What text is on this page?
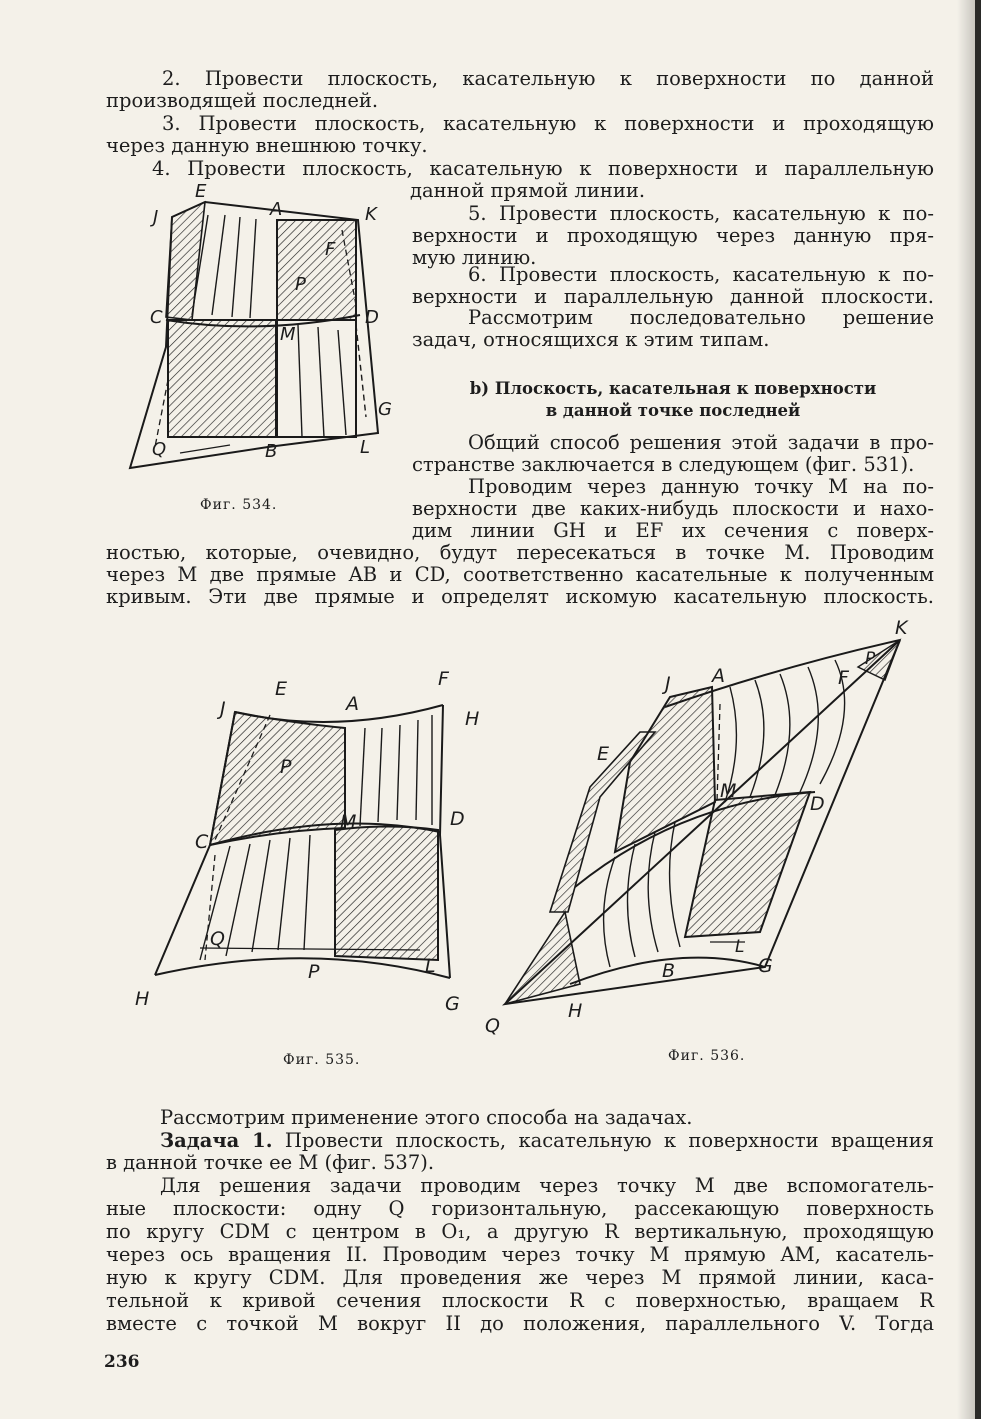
2. Провести плоскость, касательную к поверхности по данной
производящей последней.
3. Провести плоскость, касательную к поверхности и проходящую
через данную внешнюю точку.
4. Провести плоскость, касательную к поверхности и параллельную
данной прямой линии.
5. Провести плоскость, касательную к по-
верхности и проходящую через данную пря-
мую линию.
6. Провести плоскость, касательную к по-
верхности и параллельную данной плоскости.
Рассмотрим последовательно решение
задач, относящихся к этим типам.
b) Плоскость, касательная к поверхности
в данной точке последней
Общий способ решения этой задачи в про-
странстве заключается в следующем (фиг. 531).
Проводим через данную точку M на по-
верхности две каких-нибудь плоскости и нахо-
дим линии GH и EF их сечения с поверх-
ностью, которые, очевидно, будут пересекаться в точке M. Проводим
через M две прямые AB и CD, соответственно касательные к полученным
кривым. Эти две прямые и определят искомую касательную плоскость.
E
A
J	K
F
P
C	D
M
G
Q	B	L
Фиг. 534.
E	F
J	A
H
P
C
M	D
Q
P	L
H	G
Фиг. 535.
K
P
J A	F
E
M
D
L
B	G
H
Q
Фиг. 536.
Рассмотрим применение этого способа на задачах.
Задача 1. Провести плоскость, касательную к поверхности вращения
в данной точке ее M (фиг. 537).
Для решения задачи проводим через точку M две вспомогатель-
ные плоскости: одну Q горизонтальную, рассекающую поверхность
по кругу CDM с центром в O₁, а другую R вертикальную, проходящую
через ось вращения II. Проводим через точку M прямую AM, касатель-
ную к кругу CDM. Для проведения же через M прямой линии, каса-
тельной к кривой сечения плоскости R с поверхностью, вращаем R
вместе с точкой M вокруг II до положения, параллельного V. Тогда
236
